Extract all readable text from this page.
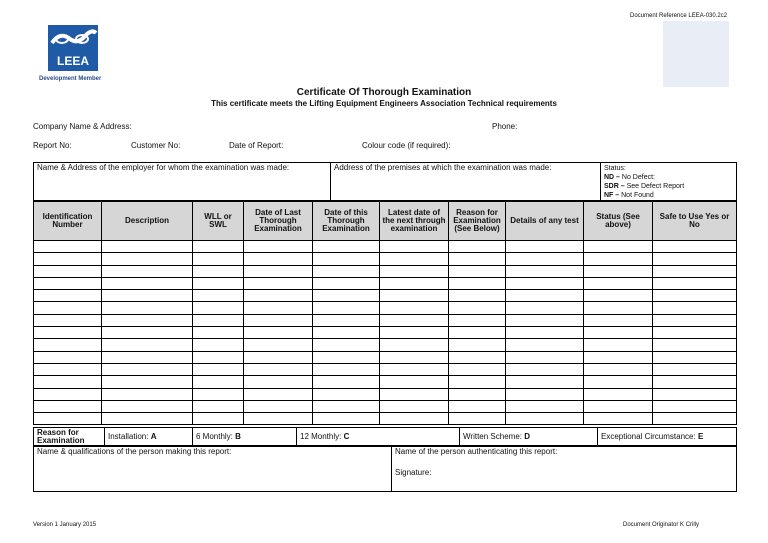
Document Reference LEEA-030.2c2
LEEA
Development Member
Certificate Of Thorough Examination
This certificate meets the Lifting Equipment Engineers Association Technical requirements
Company Name & Address:	Phone:
Report No:	Customer No:	Date of Report:	Colour code (if required):
Name & Address of the employer for whom the examination was made:	Address of the premises at which the examination was made:	Status:
ND – No Defect:
SDR – See Defect Report
NF – Not Found
Identification Number	Description	WLL or SWL	Date of Last Thorough Examination	Date of this Thorough Examination	Latest date of the next through examination	Reason for Examination (See Below)	Details of any test	Status (See above)	Safe to Use Yes or No

Reason for Examination	Installation: A	6 Monthly: B	12 Monthly: C	Written Scheme: D	Exceptional Circumstance: E
Name & qualifications of the person making this report:	Name of the person authenticating this report:
Signature:
Version 1 January 2015	Document Originator K Crilly
